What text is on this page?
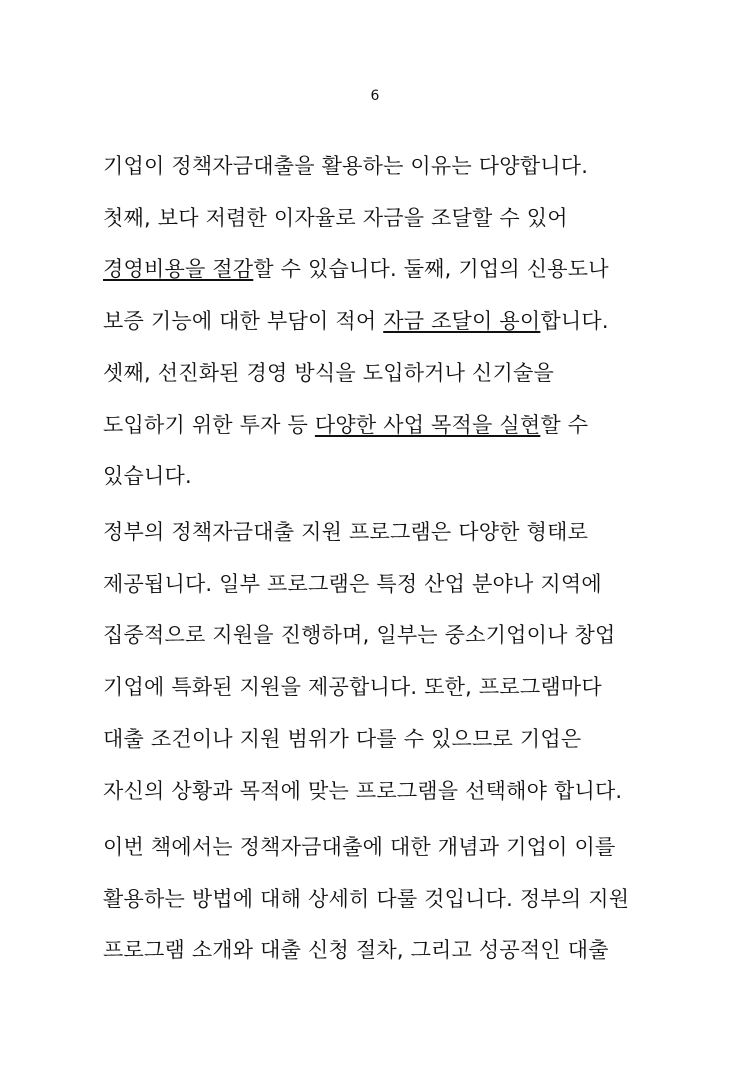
6
기업이 정책자금대출을 활용하는 이유는 다양합니다.
첫째, 보다 저렴한 이자율로 자금을 조달할 수 있어
경영비용을 절감할 수 있습니다. 둘째, 기업의 신용도나
보증 기능에 대한 부담이 적어 자금 조달이 용이합니다.
셋째, 선진화된 경영 방식을 도입하거나 신기술을
도입하기 위한 투자 등 다양한 사업 목적을 실현할 수
있습니다.
정부의 정책자금대출 지원 프로그램은 다양한 형태로
제공됩니다. 일부 프로그램은 특정 산업 분야나 지역에
집중적으로 지원을 진행하며, 일부는 중소기업이나 창업
기업에 특화된 지원을 제공합니다. 또한, 프로그램마다
대출 조건이나 지원 범위가 다를 수 있으므로 기업은
자신의 상황과 목적에 맞는 프로그램을 선택해야 합니다.
이번 책에서는 정책자금대출에 대한 개념과 기업이 이를
활용하는 방법에 대해 상세히 다룰 것입니다. 정부의 지원
프로그램 소개와 대출 신청 절차, 그리고 성공적인 대출
